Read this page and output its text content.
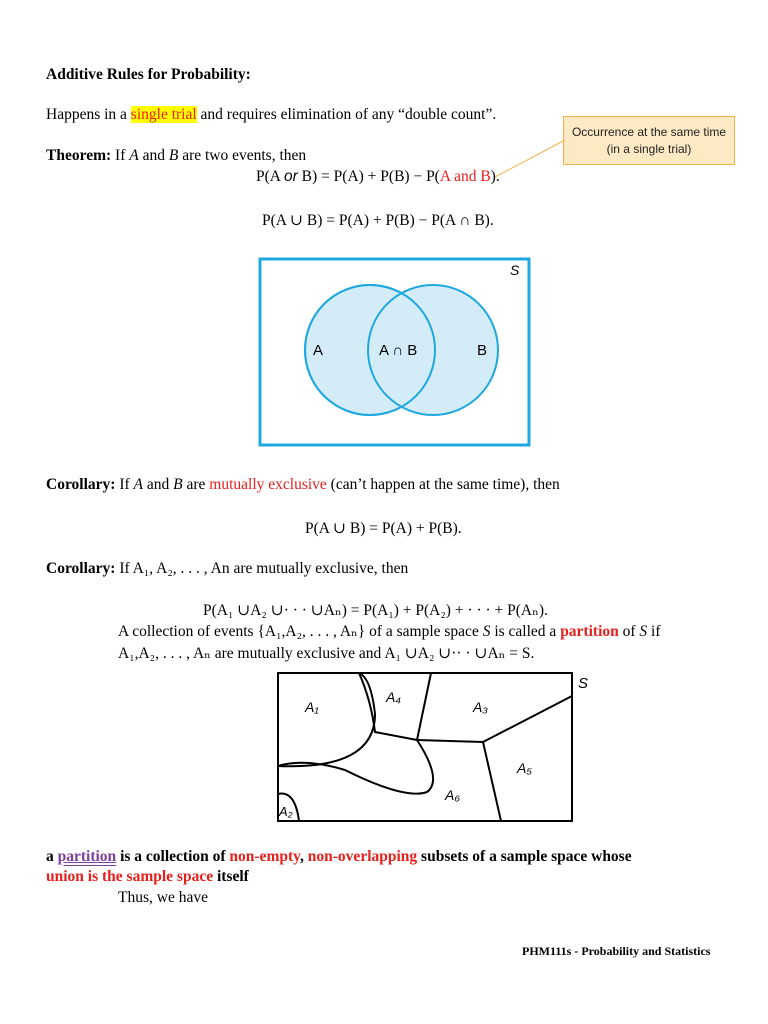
Additive Rules for Probability:
Happens in a single trial and requires elimination of any “double count”.
Occurrence at the same time (in a single trial)
Theorem: If A and B are two events, then
P(A or B) = P(A) + P(B) − P(A and B).
P(A ∪ B) = P(A) + P(B) − P(A ∩ B).
S
A	A ∩ B	B
Corollary: If A and B are mutually exclusive (can’t happen at the same time), then
P(A ∪ B) = P(A) + P(B).
Corollary: If A₁, A₂, . . . , An are mutually exclusive, then
P(A₁ ∪A₂ ∪· · · ∪Aₙ) = P(A₁) + P(A₂) + · · · + P(Aₙ).
A collection of events {A₁,A₂, . . . , Aₙ} of a sample space S is called a partition of S if
A₁,A₂, . . . , Aₙ are mutually exclusive and A₁ ∪A₂ ∪·· · ∪Aₙ = S.
S
A₁
A₂
A₃
A₄
A₅
A₆
a partition is a collection of non-empty, non-overlapping subsets of a sample space whose
union is the sample space itself
Thus, we have
PHM111s - Probability and Statistics
